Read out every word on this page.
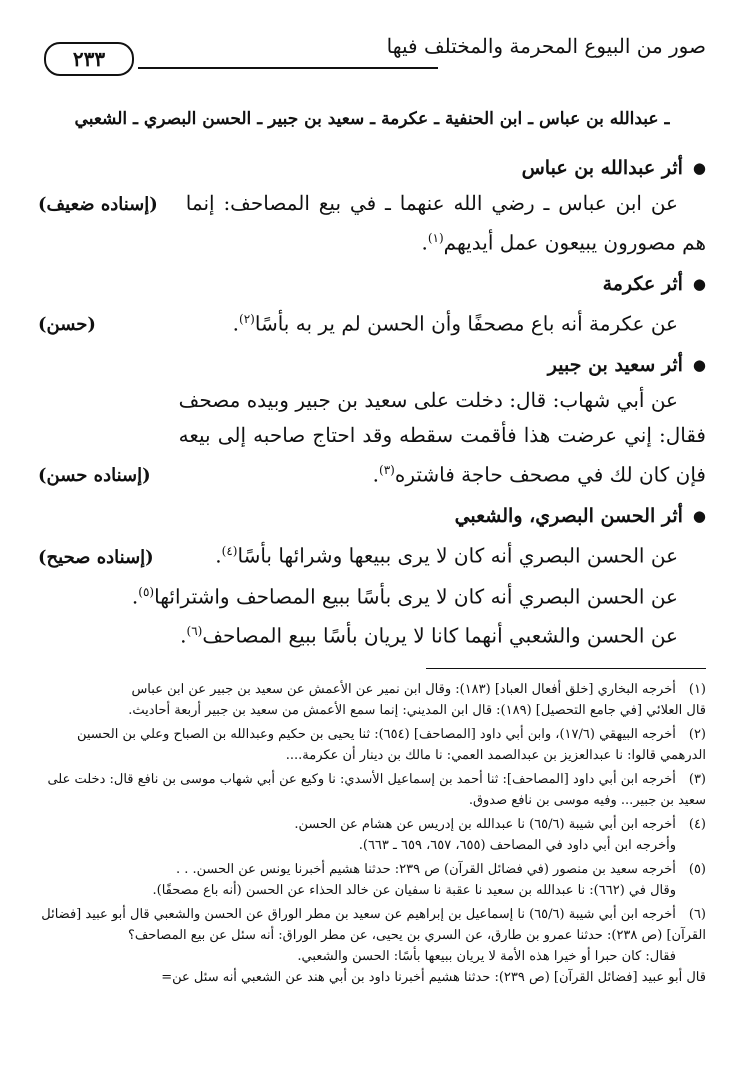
صور من البيوع المحرمة والمختلف فيها
٢٣٣
ـ عبدالله بن عباس ـ ابن الحنفية ـ عكرمة ـ سعيد بن جبير ـ الحسن البصري ـ الشعبي
●
أثر عبدالله بن عباس
عن ابن عباس ـ رضي الله عنهما ـ في بيع المصاحف: إنما هم مصورون يبيعون عمل أيديهم$^{(١)}$.
(إسناده ضعيف)
●
أثر عكرمة
عن عكرمة أنه باع مصحفًا وأن الحسن لم ير به بأسًا$^{(٢)}$.
(حسن)
●
أثر سعيد بن جبير
عن أبي شهاب: قال: دخلت على سعيد بن جبير وبيده مصحف فقال: إني عرضت هذا فأقمت سقطه وقد احتاج صاحبه إلى بيعه فإن كان لك في مصحف حاجة فاشتره$^{(٣)}$.
(إسناده حسن)
●
أثر الحسن البصري، والشعبي
عن الحسن البصري أنه كان لا يرى ببيعها وشرائها بأسًا$^{(٤)}$.
(إسناده صحيح)
عن الحسن البصري أنه كان لا يرى بأسًا ببيع المصاحف واشترائها$^{(٥)}$.
عن الحسن والشعبي أنهما كانا لا يريان بأسًا ببيع المصاحف$^{(٦)}$.
(١) أخرجه البخاري [خلق أفعال العباد] (١٨٣): وقال ابن نمير عن الأعمش عن سعيد بن جبير عن ابن عباس
قال العلائي [في جامع التحصيل] (١٨٩): قال ابن المديني: إنما سمع الأعمش من سعيد بن جبير أربعة أحاديث.
(٢) أخرجه البيهقي (١٧/٦)، وابن أبي داود [المصاحف] (٦٥٤): ثنا يحيى بن حكيم وعبدالله بن الصباح وعلي بن الحسين الدرهمي قالوا: نا عبدالعزيز بن عبدالصمد العمي: نا مالك بن دينار أن عكرمة....
(٣) أخرجه ابن أبي داود [المصاحف]: ثنا أحمد بن إسماعيل الأسدي: نا وكيع عن أبي شهاب موسى بن نافع قال: دخلت على سعيد بن جبير... وفيه موسى بن نافع صدوق.
(٤) أخرجه ابن أبي شيبة (٦٥/٦) نا عبدالله بن إدريس عن هشام عن الحسن.
وأخرجه ابن أبي داود في المصاحف (٦٥٥، ٦٥٧، ٦٥٩ ـ ٦٦٣).
(٥) أخرجه سعيد بن منصور (في فضائل القرآن) ص ٢٣٩: حدثنا هشيم أخبرنا يونس عن الحسن. . .
وقال في (٦٦٢): نا عبدالله بن سعيد نا عقبة نا سفيان عن خالد الحذاء عن الحسن (أنه باع مصحفًا).
(٦) أخرجه ابن أبي شيبة (٦٥/٦) نا إسماعيل بن إبراهيم عن سعيد بن مطر الوراق عن الحسن والشعبي قال أبو عبيد [فضائل القرآن] (ص ٢٣٨): حدثنا عمرو بن طارق، عن السري بن يحيى، عن مطر الوراق: أنه سئل عن بيع المصاحف؟
فقال: كان حبرا أو خيرا هذه الأمة لا يريان ببيعها بأسًا: الحسن والشعبي.
قال أبو عبيد [فضائل القرآن] (ص ٢٣٩): حدثنا هشيم أخبرنا داود بن أبي هند عن الشعبي أنه سئل عن=
